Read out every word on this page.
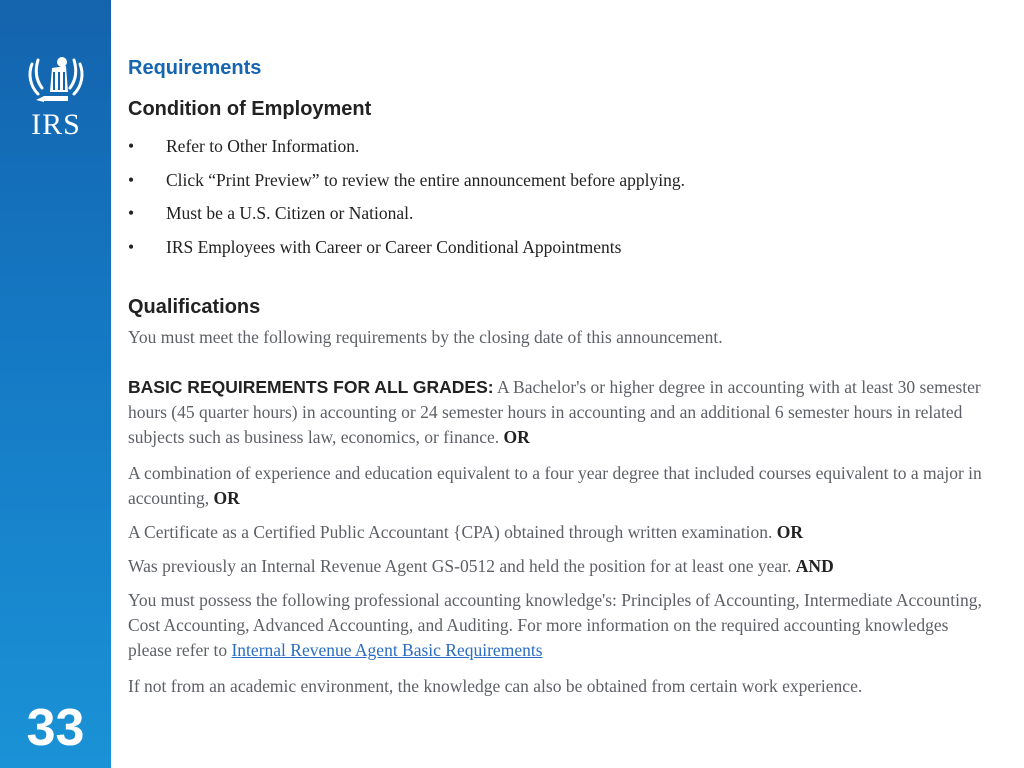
IRS
33
Requirements
Condition of Employment
• Refer to Other Information.
• Click “Print Preview” to review the entire announcement before applying.
• Must be a U.S. Citizen or National.
• IRS Employees with Career or Career Conditional Appointments
Qualifications

You must meet the following requirements by the closing date of this announcement.

BASIC REQUIREMENTS FOR ALL GRADES: A Bachelor's or higher degree in accounting with at least 30 semester hours (45 quarter hours) in accounting or 24 semester hours in accounting and an additional 6 semester hours in related subjects such as business law, economics, or finance. OR

A combination of experience and education equivalent to a four year degree that included courses equivalent to a major in accounting, OR

A Certificate as a Certified Public Accountant {CPA) obtained through written examination. OR

Was previously an Internal Revenue Agent GS-0512 and held the position for at least one year. AND

You must possess the following professional accounting knowledge's: Principles of Accounting, Intermediate Accounting, Cost Accounting, Advanced Accounting, and Auditing. For more information on the required accounting knowledges please refer to Internal Revenue Agent Basic Requirements

If not from an academic environment, the knowledge can also be obtained from certain work experience.
